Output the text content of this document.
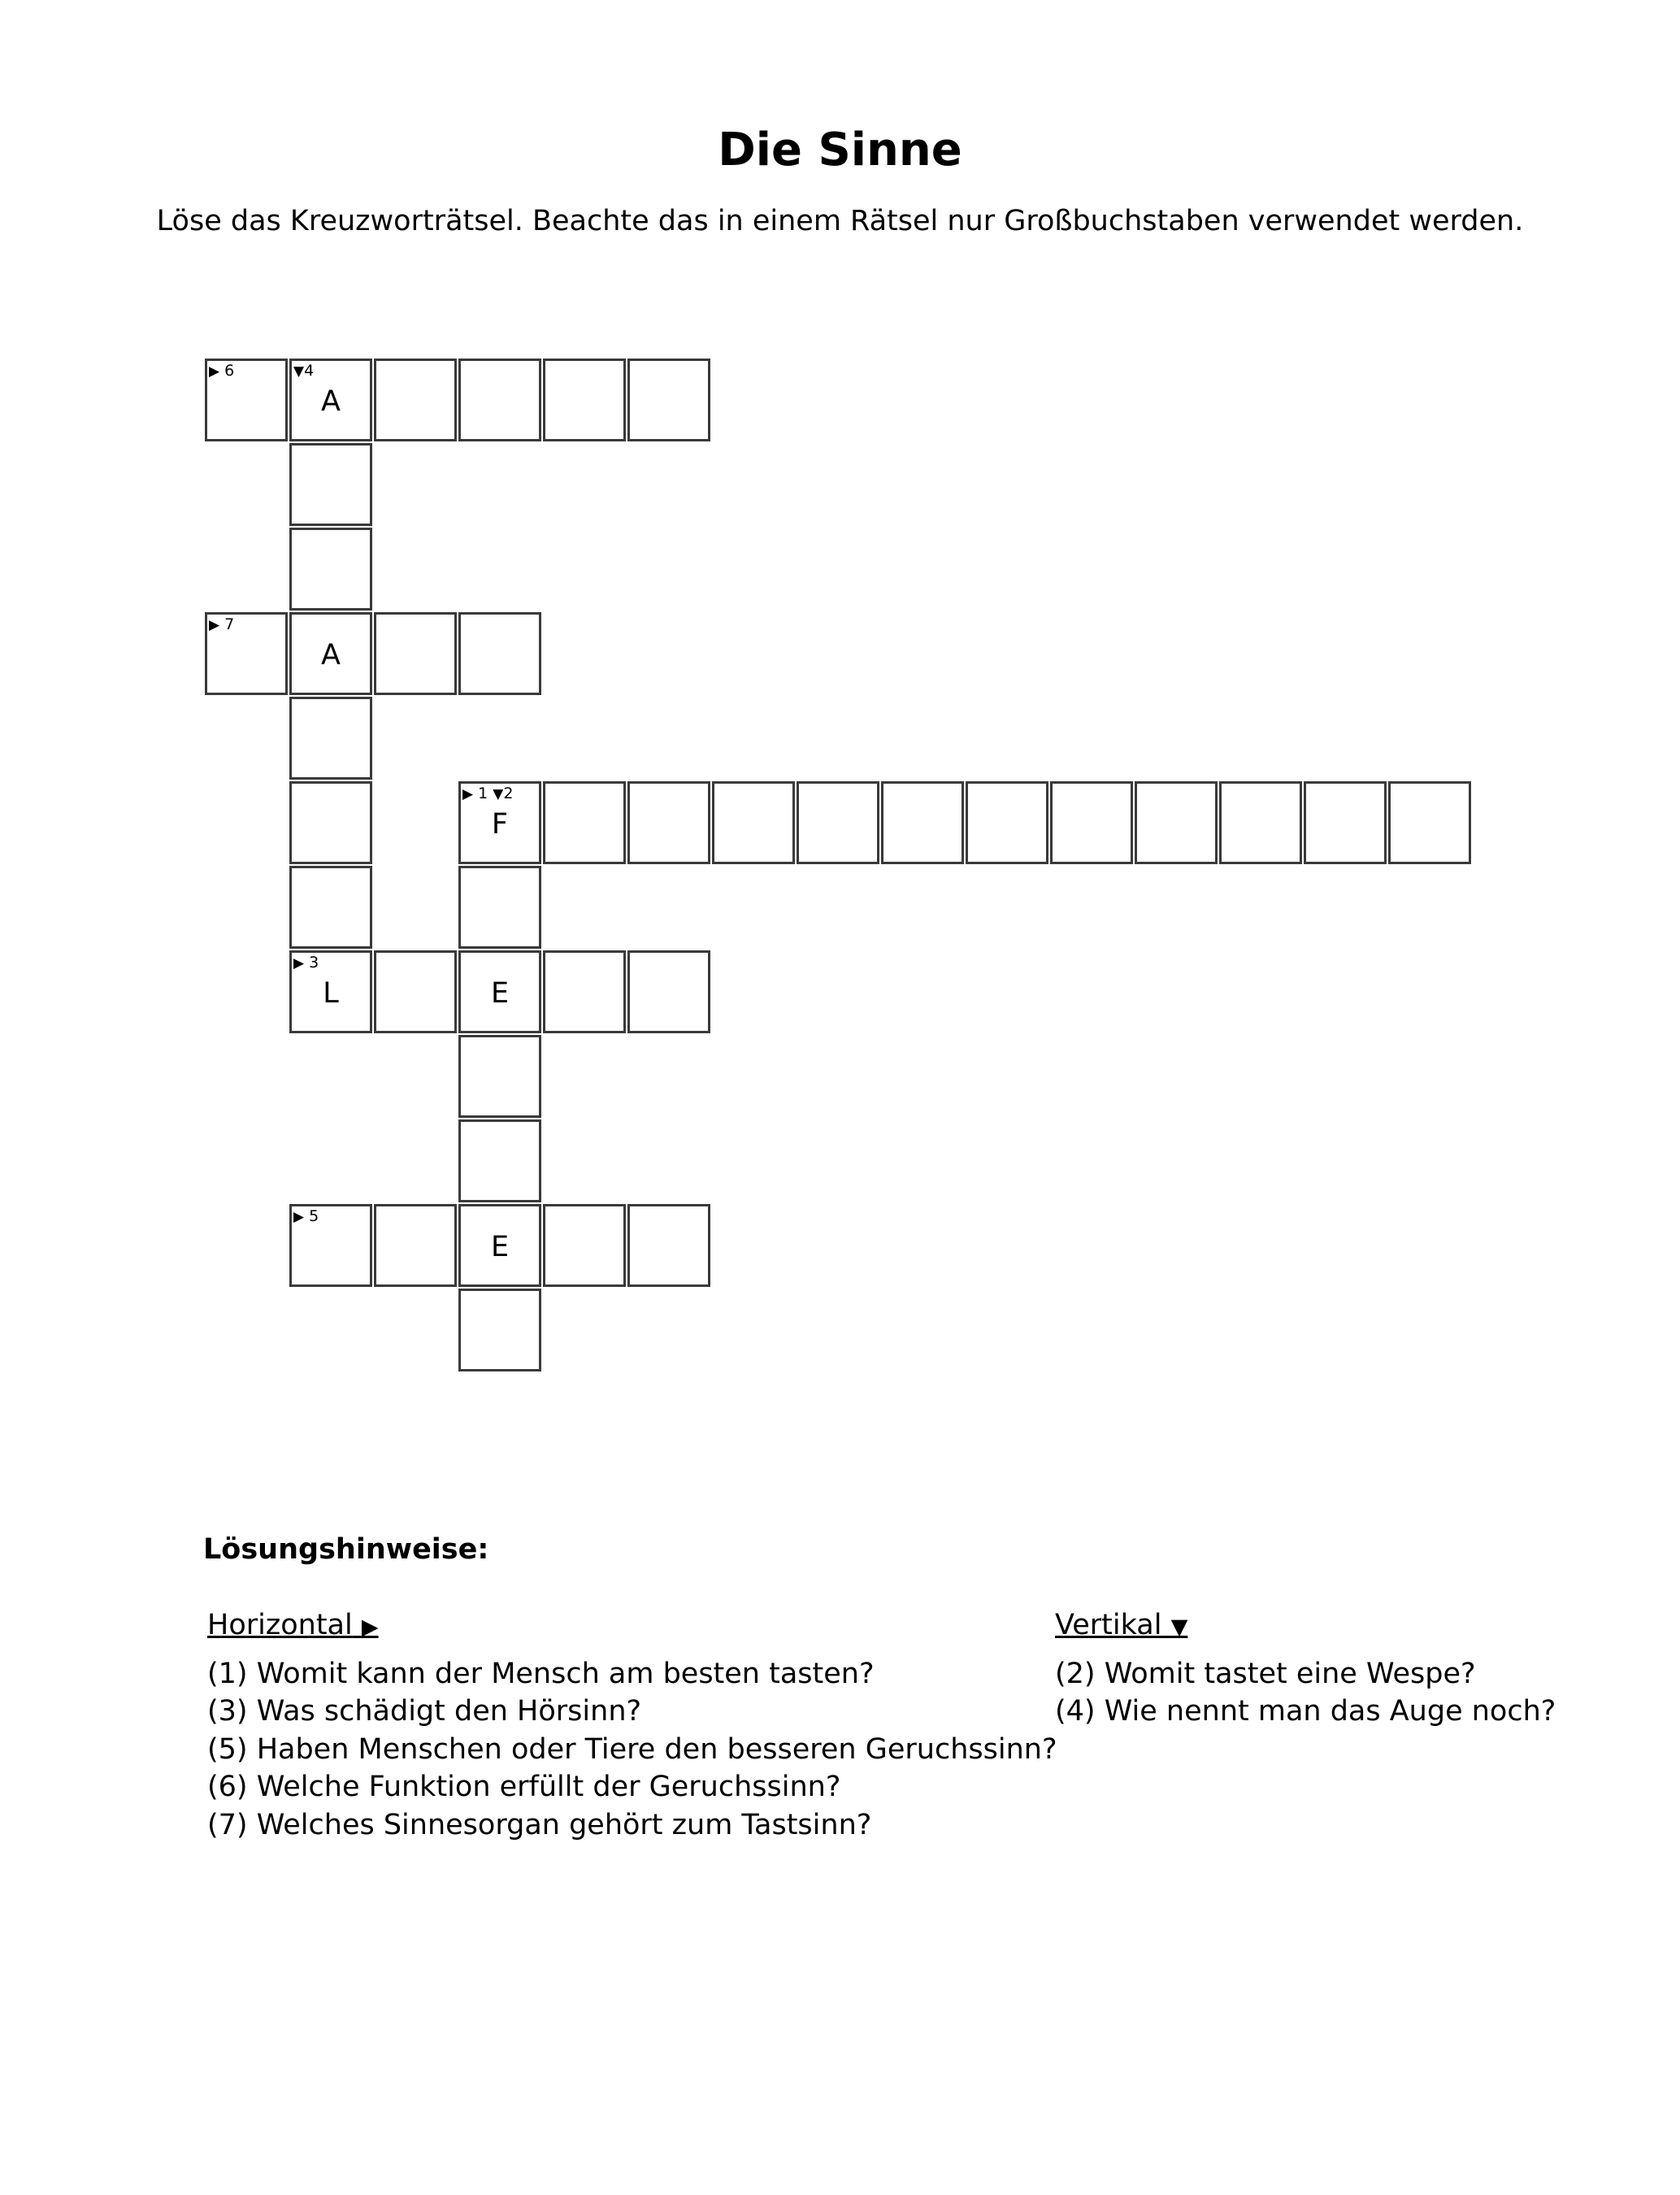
Die Sinne
Löse das Kreuzworträtsel. Beachte das in einem Rätsel nur Großbuchstaben verwendet werden.
▶ 6	▼4
A
▶ 7
A
▶ 1 ▼2
F
▶ 3
L	E
▶ 5
E
Lösungshinweise:
Horizontal ▶
(1) Womit kann der Mensch am besten tasten?
(3) Was schädigt den Hörsinn?
(5) Haben Menschen oder Tiere den besseren Geruchssinn?
(6) Welche Funktion erfüllt der Geruchssinn?
(7) Welches Sinnesorgan gehört zum Tastsinn?
Vertikal ▼
(2) Womit tastet eine Wespe?
(4) Wie nennt man das Auge noch?
